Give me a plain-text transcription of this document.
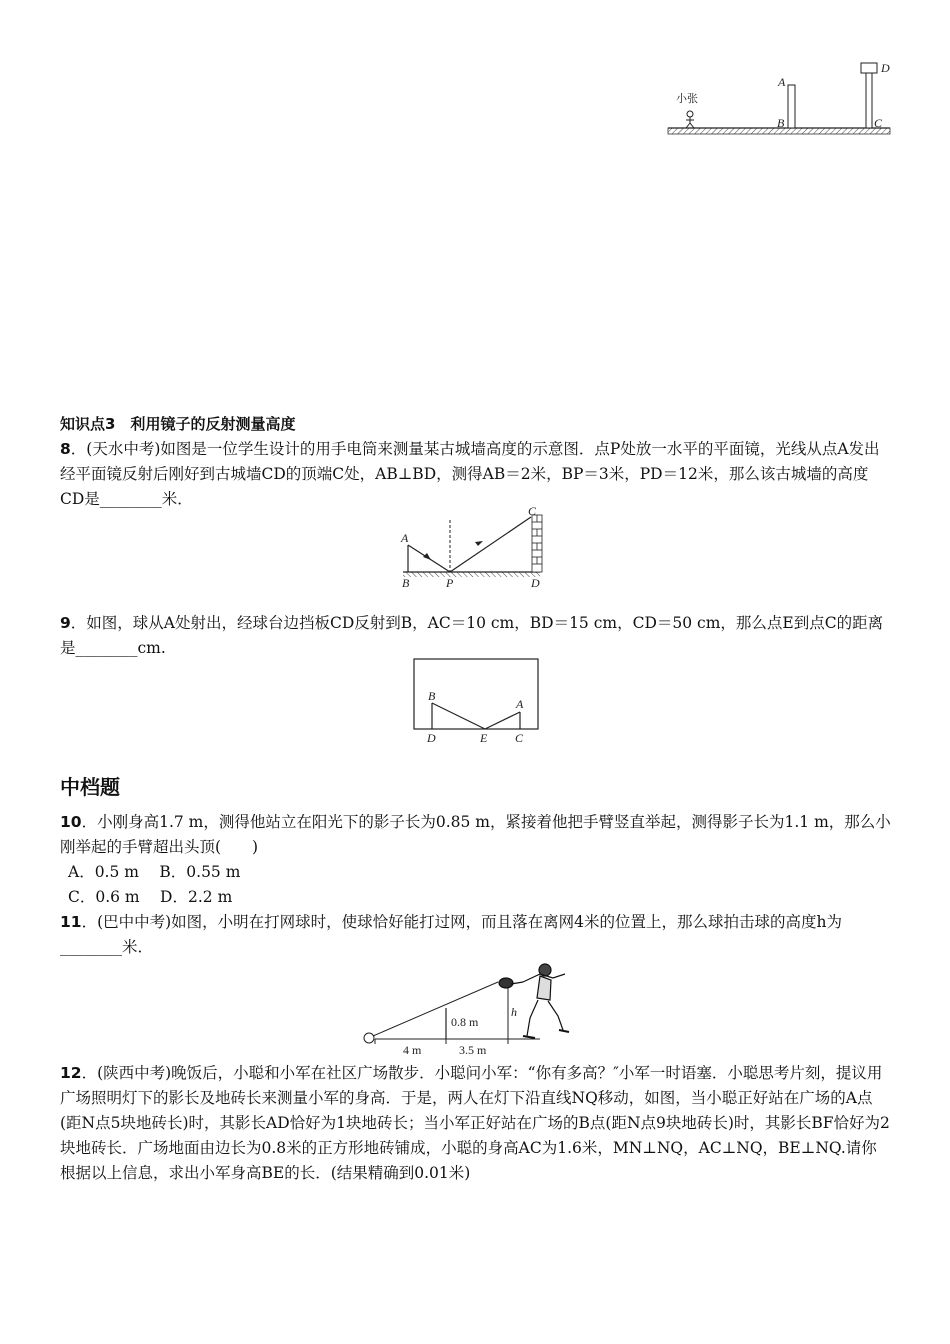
小张
A
B
D
C
知识点3　利用镜子的反射测量高度
8．(天水中考)如图是一位学生设计的用手电筒来测量某古城墙高度的示意图．点P处放一水平的平面镜，光线从点A发出经平面镜反射后刚好到古城墙CD的顶端C处，AB⊥BD，测得AB＝2米，BP＝3米，PD＝12米，那么该古城墙的高度CD是________米．
A
B	P
C
D
9．如图，球从A处射出，经球台边挡板CD反射到B，AC＝10 cm，BD＝15 cm，CD＝50 cm，那么点E到点C的距离是________cm.
B
A
D	E C
中档题
10．小刚身高1.7 m，测得他站立在阳光下的影子长为0.85 m，紧接着他把手臂竖直举起，测得影子长为1.1 m，那么小刚举起的手臂超出头顶(　　)
A．0.5 m　 B．0.55 m
C．0.6 m　 D．2.2 m
11．(巴中中考)如图，小明在打网球时，使球恰好能打过网，而且落在离网4米的位置上，那么球拍击球的高度h为________米．
0.8 m
h
4 m	3.5 m
12．(陕西中考)晚饭后，小聪和小军在社区广场散步．小聪问小军：“你有多高？″小军一时语塞．小聪思考片刻，提议用广场照明灯下的影长及地砖长来测量小军的身高．于是，两人在灯下沿直线NQ移动，如图，当小聪正好站在广场的A点(距N点5块地砖长)时，其影长AD恰好为1块地砖长；当小军正好站在广场的B点(距N点9块地砖长)时，其影长BF恰好为2块地砖长．广场地面由边长为0.8米的正方形地砖铺成，小聪的身高AC为1.6米，MN⊥NQ，AC⊥NQ，BE⊥NQ.请你根据以上信息，求出小军身高BE的长．(结果精确到0.01米)
